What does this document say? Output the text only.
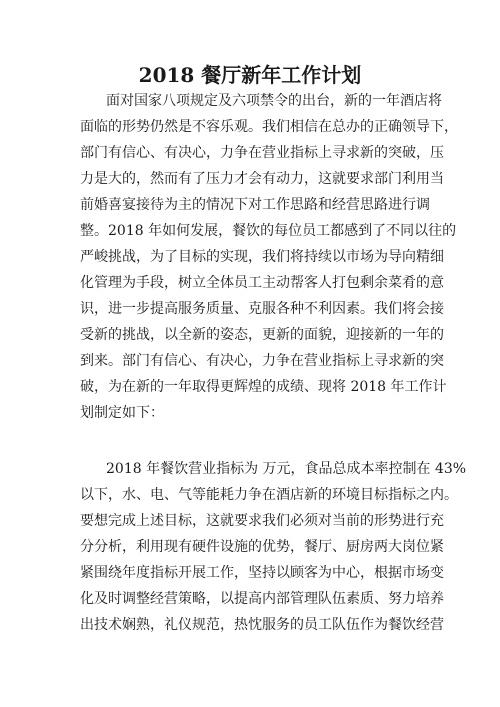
2018 餐厅新年工作计划
面对国家八项规定及六项禁令的出台，新的一年酒店将
面临的形势仍然是不容乐观。我们相信在总办的正确领导下，
部门有信心、有决心，力争在营业指标上寻求新的突破，压
力是大的，然而有了压力才会有动力，这就要求部门利用当
前婚喜宴接待为主的情况下对工作思路和经营思路进行调
整。2018 年如何发展，餐饮的每位员工都感到了不同以往的
严峻挑战，为了目标的实现，我们将持续以市场为导向精细
化管理为手段，树立全体员工主动帮客人打包剩余菜肴的意
识，进一步提高服务质量、克服各种不利因素。我们将会接
受新的挑战，以全新的姿态，更新的面貌，迎接新的一年的
到来。部门有信心、有决心，力争在营业指标上寻求新的突
破，为在新的一年取得更辉煌的成绩、现将 2018 年工作计
划制定如下：
2018 年餐饮营业指标为 万元，食品总成本率控制在 43%
以下，水、电、气等能耗力争在酒店新的环境目标指标之内。
要想完成上述目标，这就要求我们必须对当前的形势进行充
分分析，利用现有硬件设施的优势，餐厅、厨房两大岗位紧
紧围绕年度指标开展工作，坚持以顾客为中心，根据市场变
化及时调整经营策略，以提高内部管理队伍素质、努力培养
出技术娴熟，礼仪规范，热忱服务的员工队伍作为餐饮经营
